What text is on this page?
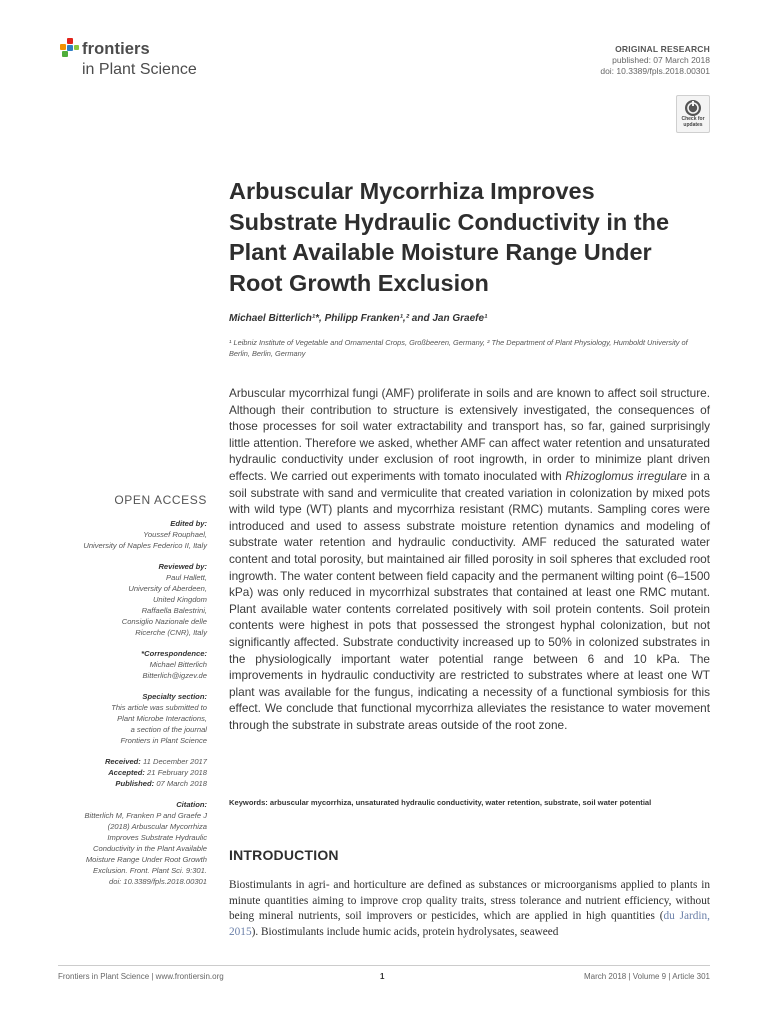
frontiers
in Plant Science
ORIGINAL RESEARCH
published: 07 March 2018
doi: 10.3389/fpls.2018.00301
Check for
updates
Arbuscular Mycorrhiza Improves Substrate Hydraulic Conductivity in the Plant Available Moisture Range Under Root Growth Exclusion
Michael Bitterlich¹*, Philipp Franken¹,² and Jan Graefe¹
¹ Leibniz Institute of Vegetable and Ornamental Crops, Großbeeren, Germany, ² The Department of Plant Physiology, Humboldt University of Berlin, Berlin, Germany
OPEN ACCESS
Edited by:
Youssef Rouphael,
University of Naples Federico II, Italy
Reviewed by:
Paul Hallett,
University of Aberdeen,
United Kingdom
Raffaella Balestrini,
Consiglio Nazionale delle
Ricerche (CNR), Italy
*Correspondence:
Michael Bitterlich
Bitterlich@igzev.de
Specialty section:
This article was submitted to
Plant Microbe Interactions,
a section of the journal
Frontiers in Plant Science
Received: 11 December 2017
Accepted: 21 February 2018
Published: 07 March 2018
Citation:
Bitterlich M, Franken P and Graefe J
(2018) Arbuscular Mycorrhiza
Improves Substrate Hydraulic
Conductivity in the Plant Available
Moisture Range Under Root Growth
Exclusion. Front. Plant Sci. 9:301.
doi: 10.3389/fpls.2018.00301

Arbuscular mycorrhizal fungi (AMF) proliferate in soils and are known to affect soil structure. Although their contribution to structure is extensively investigated, the consequences of those processes for soil water extractability and transport has, so far, gained surprisingly little attention. Therefore we asked, whether AMF can affect water retention and unsaturated hydraulic conductivity under exclusion of root ingrowth, in order to minimize plant driven effects. We carried out experiments with tomato inoculated with Rhizoglomus irregulare in a soil substrate with sand and vermiculite that created variation in colonization by mixed pots with wild type (WT) plants and mycorrhiza resistant (RMC) mutants. Sampling cores were introduced and used to assess substrate moisture retention dynamics and modeling of substrate water retention and hydraulic conductivity. AMF reduced the saturated water content and total porosity, but maintained air filled porosity in soil spheres that excluded root ingrowth. The water content between field capacity and the permanent wilting point (6–1500 kPa) was only reduced in mycorrhizal substrates that contained at least one RMC mutant. Plant available water contents correlated positively with soil protein contents. Soil protein contents were highest in pots that possessed the strongest hyphal colonization, but not significantly affected. Substrate conductivity increased up to 50% in colonized substrates in the physiologically important water potential range between 6 and 10 kPa. The improvements in hydraulic conductivity are restricted to substrates where at least one WT plant was available for the fungus, indicating a necessity of a functional symbiosis for this effect. We conclude that functional mycorrhiza alleviates the resistance to water movement through the substrate in substrate areas outside of the root zone.

Keywords: arbuscular mycorrhiza, unsaturated hydraulic conductivity, water retention, substrate, soil water potential
INTRODUCTION

Biostimulants in agri- and horticulture are defined as substances or microorganisms applied to plants in minute quantities aiming to improve crop quality traits, stress tolerance and nutrient efficiency, without being mineral nutrients, soil improvers or pesticides, which are applied in high quantities (du Jardin, 2015). Biostimulants include humic acids, protein hydrolysates, seaweed

Frontiers in Plant Science | www.frontiersin.org	1	March 2018 | Volume 9 | Article 301
